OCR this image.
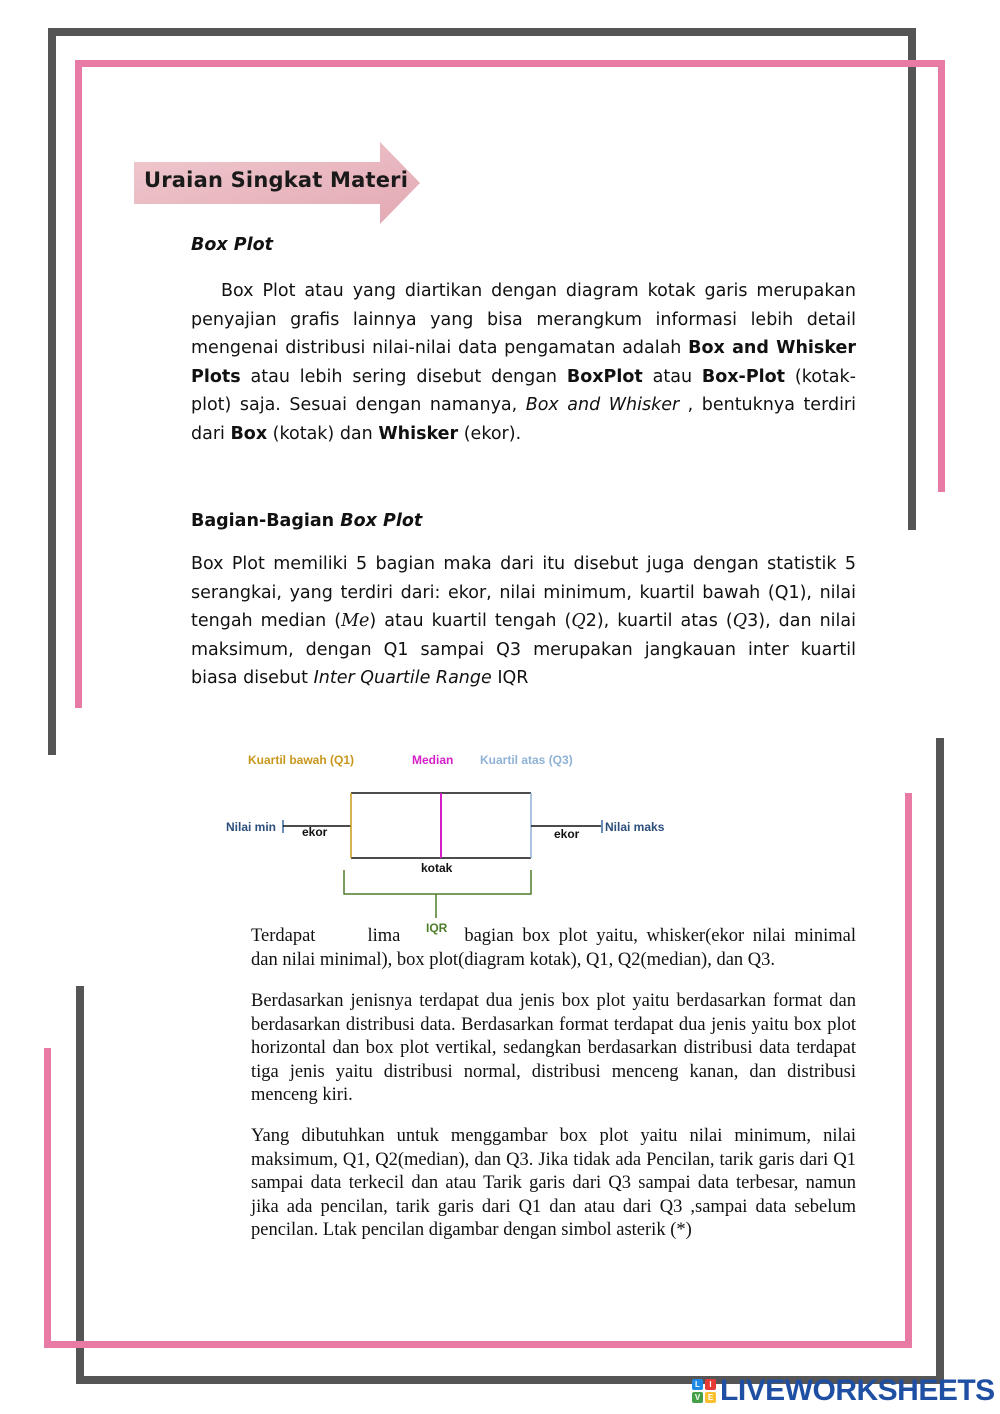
Uraian Singkat Materi
Box Plot
Box Plot atau yang diartikan dengan diagram kotak garis merupakan penyajian grafis lainnya yang bisa merangkum informasi lebih detail mengenai distribusi nilai-nilai data pengamatan adalah Box and Whisker Plots atau lebih sering disebut dengan BoxPlot atau Box-Plot (kotak-plot) saja. Sesuai dengan namanya, Box and Whisker , bentuknya terdiri dari Box (kotak) dan Whisker (ekor).
Bagian-Bagian Box Plot
Box Plot memiliki 5 bagian maka dari itu disebut juga dengan statistik 5 serangkai, yang terdiri dari: ekor, nilai minimum, kuartil bawah (Q1), nilai tengah median (Me) atau kuartil tengah (Q2), kuartil atas (Q3), dan nilai maksimum, dengan Q1 sampai Q3 merupakan jangkauan inter kuartil biasa disebut Inter Quartile Range IQR
Kuartil bawah (Q1)	Median Kuartil atas (Q3)
Nilai min ekor	ekor Nilai maks
kotak
IQR
Terdapat	lima	bagian box plot yaitu, whisker(ekor nilai minimal dan nilai minimal), box plot(diagram kotak), Q1, Q2(median), dan Q3.
Berdasarkan jenisnya terdapat dua jenis box plot yaitu berdasarkan format dan berdasarkan distribusi data. Berdasarkan format terdapat dua jenis yaitu box plot horizontal dan box plot vertikal, sedangkan berdasarkan distribusi data terdapat tiga jenis yaitu distribusi normal, distribusi menceng kanan, dan distribusi menceng kiri.
Yang dibutuhkan untuk menggambar box plot yaitu nilai minimum, nilai maksimum, Q1, Q2(median), dan Q3. Jika tidak ada Pencilan, tarik garis dari Q1 sampai data terkecil dan atau Tarik garis dari Q3 sampai data terbesar, namun jika ada pencilan, tarik garis dari Q1 dan atau dari Q3 ,sampai data sebelum pencilan. Ltak pencilan digambar dengan simbol asterik (*)
L	I
V E LIVEWORKSHEETS
